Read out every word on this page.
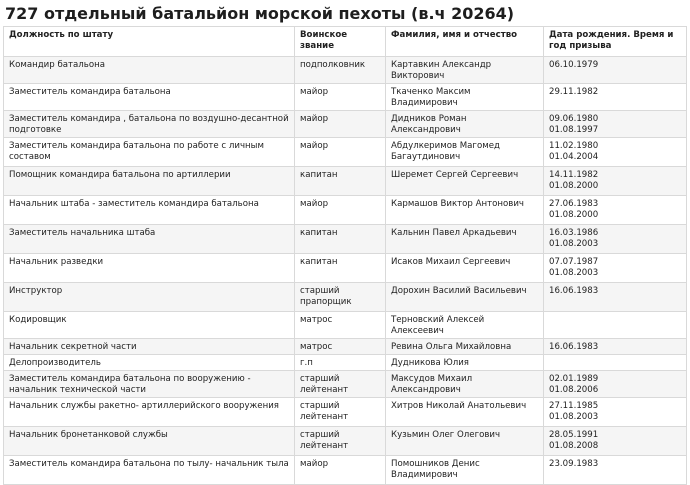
727 отдельный батальйон морской пехоты (в.ч 20264)
Должность по штату	Воинское звание	Фамилия, имя и отчество	Дата рождения. Время и год призыва

Командир батальона	подполковник	Картавкин Александр Викторович	06.10.1979

Заместитель командира батальона	майор	Ткаченко Максим Владимирович	29.11.1982

Заместитель командира , батальона по воздушно-десантной подготовке	майор	Дидников Роман Александрович	09.06.1980
01.08.1997

Заместитель командира батальона по работе с личным составом	майор	Абдулкеримов Магомед Багаутдинович	11.02.1980
01.04.2004

Помощник командира батальона по артиллерии	капитан	Шеремет Сергей Сергеевич	14.11.1982
01.08.2000

Начальник штаба - заместитель командира батальона	майор	Кармашов Виктор Антонович	27.06.1983
01.08.2000

Заместитель начальника штаба	капитан	Кальнин Павел Аркадьевич	16.03.1986
01.08.2003

Начальник разведки	капитан	Исаков Михаил Сергеевич	07.07.1987
01.08.2003

Инструктор	старший прапорщик	Дорохин Василий Васильевич	16.06.1983

Кодировщик	матрос	Терновский Алексей Алексеевич	

Начальник секретной части	матрос	Ревина Ольга Михайловна	16.06.1983

Делопроизводитель	г.п	Дудникова Юлия	

Заместитель командира батальона по вооружению - начальник технической части	старший лейтенант	Максудов Михаил Александрович	02.01.1989
01.08.2006

Начальник службы ракетно- артиллерийского вооружения	старший лейтенант	Хитров Николай Анатольевич	27.11.1985
01.08.2003

Начальник бронетанковой службы	старший лейтенант	Кузьмин Олег Олегович	28.05.1991
01.08.2008

Заместитель командира батальона по тылу- начальник тыла	майор	Помошников Денис Владимирович	23.09.1983
